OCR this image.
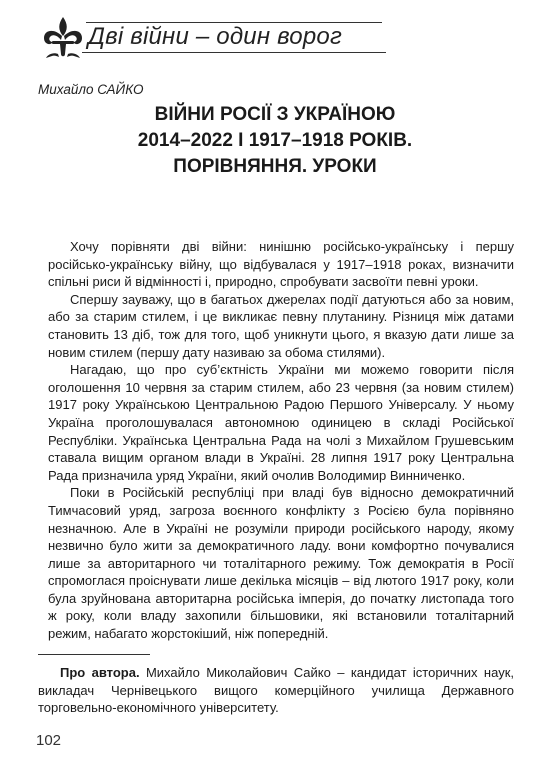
Дві війни – один ворог
Михайло САЙКО
ВІЙНИ РОСІЇ З УКРАЇНОЮ
2014–2022 І 1917–1918 РОКІВ.
ПОРІВНЯННЯ. УРОКИ

Хочу порівняти дві війни: нинішню російсько-українську і першу російсько-українську війну, що відбувалася у 1917–1918 роках, визначити спільні риси й відмінності і, природно, спробувати засвоїти певні уроки.

Спершу зауважу, що в багатьох джерелах події датуються або за новим, або за старим стилем, і це викликає певну плутанину. Різниця між датами становить 13 діб, тож для того, щоб уникнути цього, я вказую дати лише за новим стилем (першу дату називаю за обома стилями).

Нагадаю, що про суб’єктність України ми можемо говорити після оголошення 10 червня за старим стилем, або 23 червня (за новим стилем) 1917 року Українською Центральною Радою Першого Універсалу. У ньому Україна проголошувалася автономною одиницею в складі Російської Республіки. Українська Центральна Рада на чолі з Михайлом Грушевським ставала вищим органом влади в Україні. 28 липня 1917 року Центральна Рада призначила уряд України, який очолив Володимир Винниченко.

Поки в Російській республіці при владі був відносно демократичний Тимчасовий уряд, загроза воєнного конфлікту з Росією була порівняно незначною. Але в Україні не розуміли природи російського народу, якому незвично було жити за демократичного ладу. вони комфортно почувалися лише за авторитарного чи тоталітарного режиму. Тож демократія в Росії спромоглася проіснувати лише декілька місяців – від лютого 1917 року, коли була зруйнована авторитарна російська імперія, до початку листопада того ж року, коли владу захопили більшовики, які встановили тоталітарний режим, набагато жорстокіший, ніж попередній.

Про автора. Михайло Миколайович Сайко – кандидат історичних наук, викладач Чернівецького вищого комерційного училища Державного торговельно-економічного університету.

102
